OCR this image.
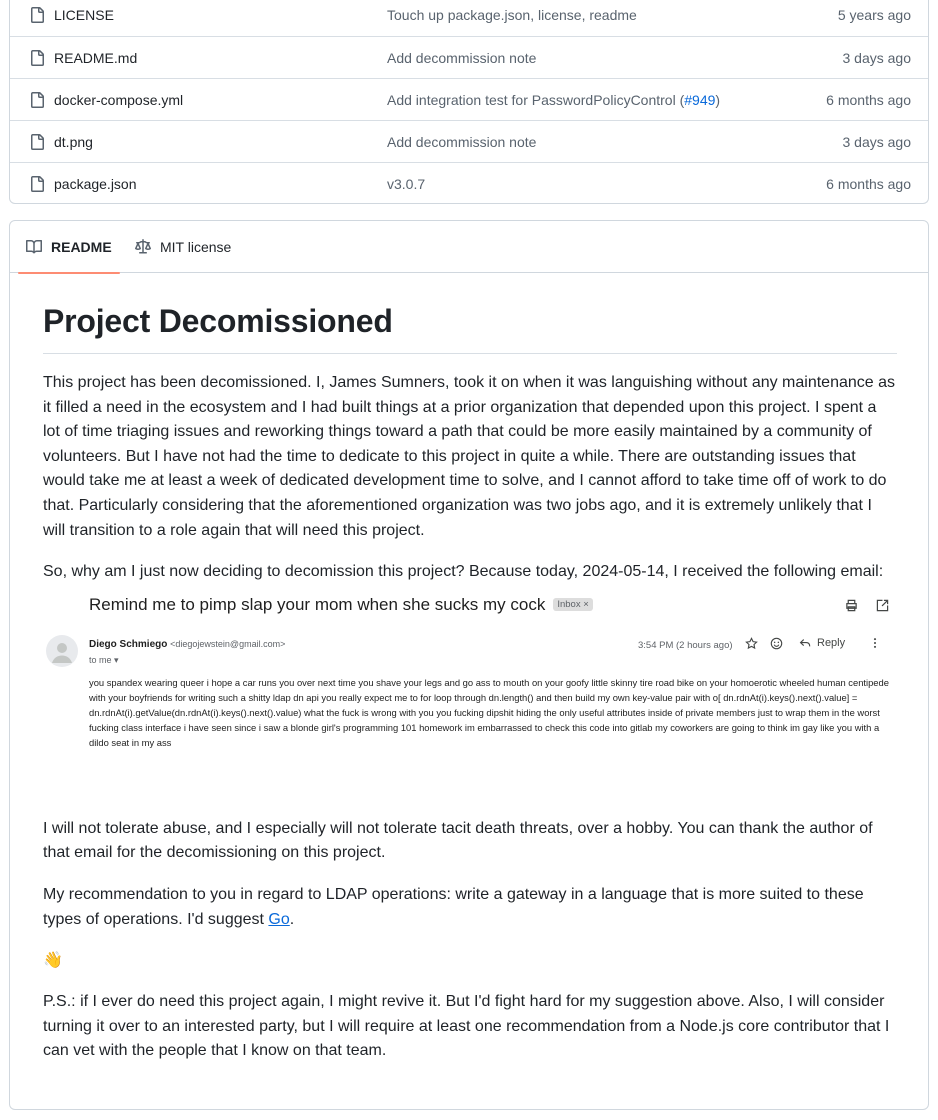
LICENSE	Touch up package.json, license, readme	5 years ago
README.md	Add decommission note	3 days ago
docker-compose.yml	Add integration test for PasswordPolicyControl (#949)	6 months ago
dt.png	Add decommission note	3 days ago
package.json	v3.0.7	6 months ago
README	MIT license
Project Decomissioned

This project has been decomissioned. I, James Sumners, took it on when it was languishing without any maintenance as it filled a need in the ecosystem and I had built things at a prior organization that depended upon this project. I spent a lot of time triaging issues and reworking things toward a path that could be more easily maintained by a community of volunteers. But I have not had the time to dedicate to this project in quite a while. There are outstanding issues that would take me at least a week of dedicated development time to solve, and I cannot afford to take time off of work to do that. Particularly considering that the aforementioned organization was two jobs ago, and it is extremely unlikely that I will transition to a role again that will need this project.

So, why am I just now deciding to decomission this project? Because today, 2024-05-14, I received the following email:

Remind me to pimp slap your mom when she sucks my cock	Inbox ×
Diego Schmiego <diegojewstein@gmail.com>
to me ▾
3:54 PM (2 hours ago)	Reply
you spandex wearing queer i hope a car runs you over next time you shave your legs and go ass to mouth on your goofy little skinny tire road bike on your homoerotic wheeled human centipede with your boyfriends for writing such a shitty ldap dn api you really expect me to for loop through dn.length() and then build my own key-value pair with o[ dn.rdnAt(i).keys().next().value] = dn.rdnAt(i).getValue(dn.rdnAt(i).keys().next().value) what the fuck is wrong with you you fucking dipshit hiding the only useful attributes inside of private members just to wrap them in the worst fucking class interface i have seen since i saw a blonde girl's programming 101 homework im embarrassed to check this code into gitlab my coworkers are going to think im gay like you with a dildo seat in my ass

I will not tolerate abuse, and I especially will not tolerate tacit death threats, over a hobby. You can thank the author of that email for the decomissioning on this project.

My recommendation to you in regard to LDAP operations: write a gateway in a language that is more suited to these types of operations. I'd suggest Go.

👋

P.S.: if I ever do need this project again, I might revive it. But I'd fight hard for my suggestion above. Also, I will consider turning it over to an interested party, but I will require at least one recommendation from a Node.js core contributor that I can vet with the people that I know on that team.
